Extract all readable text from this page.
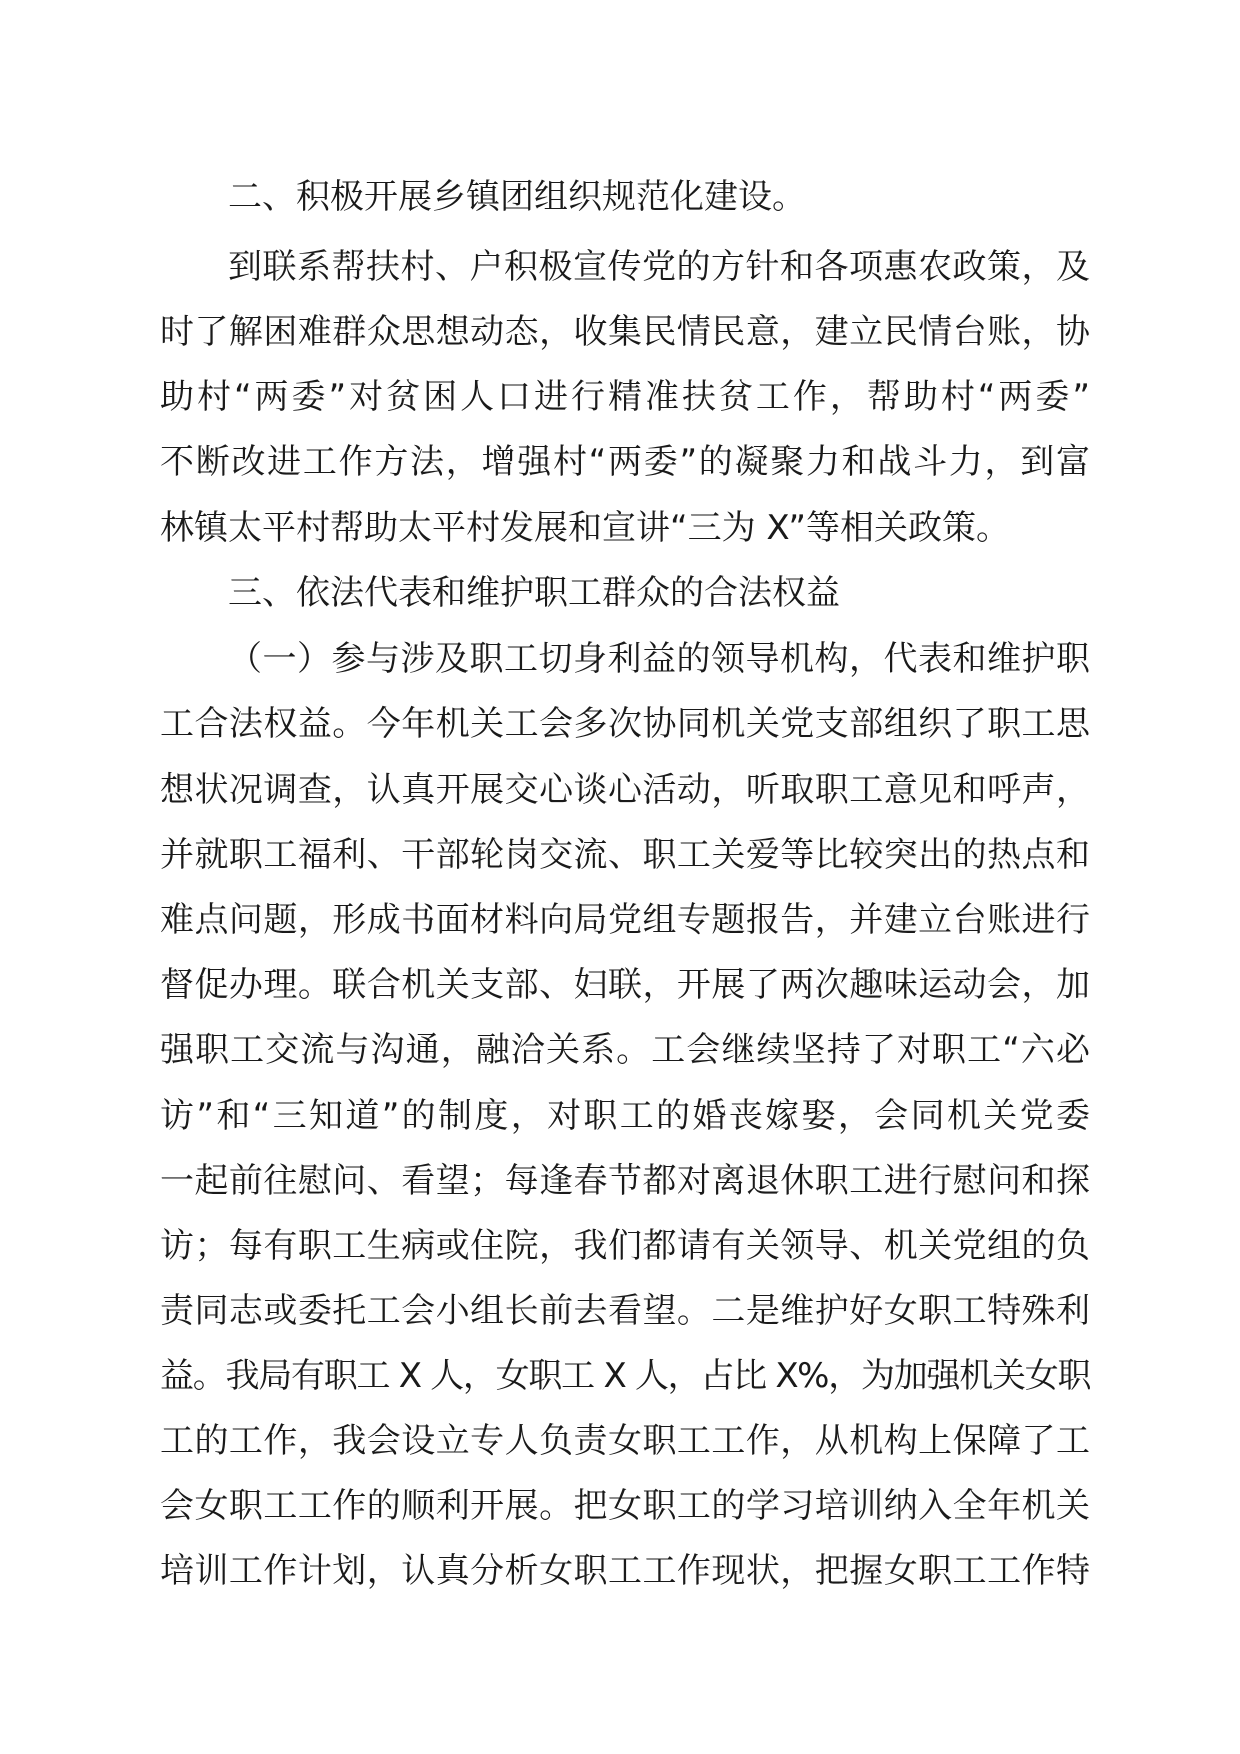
二、积极开展乡镇团组织规范化建设。
到联系帮扶村、户积极宣传党的方针和各项惠农政策，及
时了解困难群众思想动态，收集民情民意，建立民情台账，协
助村“两委”对贫困人口进行精准扶贫工作，帮助村“两委”
不断改进工作方法，增强村“两委”的凝聚力和战斗力，到富
林镇太平村帮助太平村发展和宣讲“三为 X”等相关政策。
三、依法代表和维护职工群众的合法权益
（一）参与涉及职工切身利益的领导机构，代表和维护职
工合法权益。今年机关工会多次协同机关党支部组织了职工思
想状况调查，认真开展交心谈心活动，听取职工意见和呼声，
并就职工福利、干部轮岗交流、职工关爱等比较突出的热点和
难点问题，形成书面材料向局党组专题报告，并建立台账进行
督促办理。联合机关支部、妇联，开展了两次趣味运动会，加
强职工交流与沟通，融洽关系。工会继续坚持了对职工“六必
访”和“三知道”的制度，对职工的婚丧嫁娶，会同机关党委
一起前往慰问、看望；每逢春节都对离退休职工进行慰问和探
访；每有职工生病或住院，我们都请有关领导、机关党组的负
责同志或委托工会小组长前去看望。二是维护好女职工特殊利
益。我局有职工 X 人，女职工 X 人，占比 X%，为加强机关女职
工的工作，我会设立专人负责女职工工作，从机构上保障了工
会女职工工作的顺利开展。把女职工的学习培训纳入全年机关
培训工作计划，认真分析女职工工作现状，把握女职工工作特
